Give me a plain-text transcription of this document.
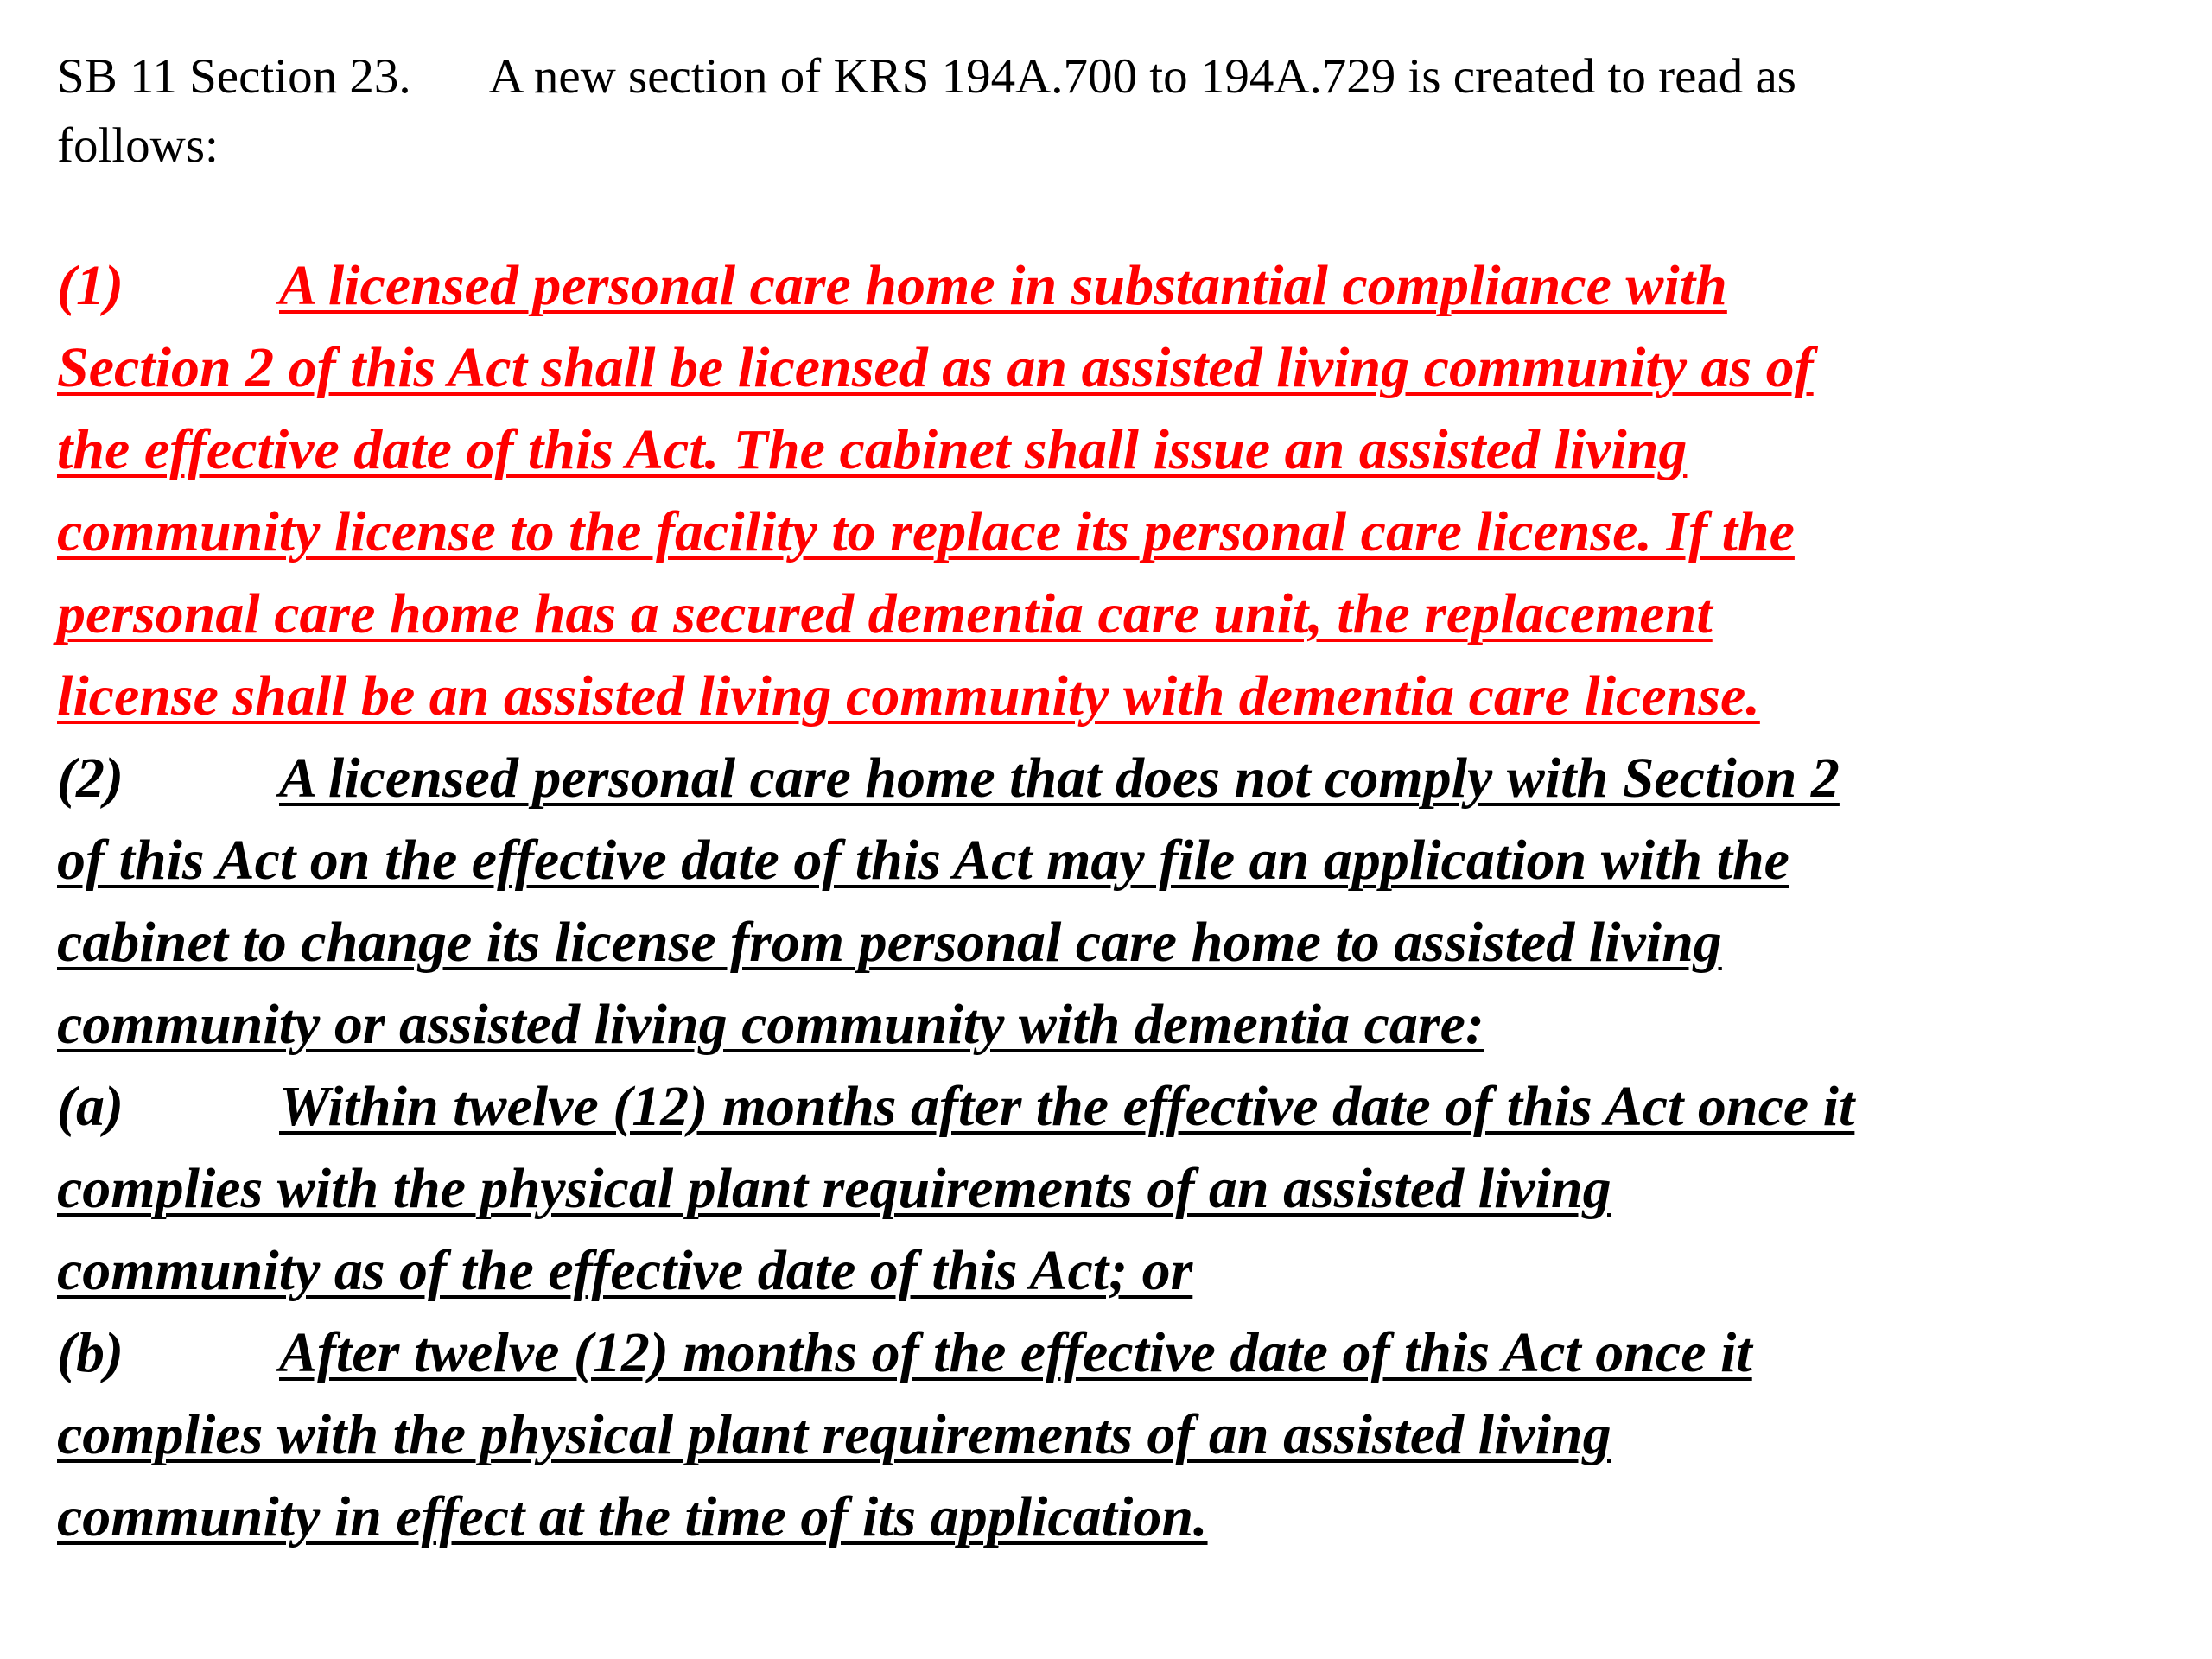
SB 11 Section 23. A new section of KRS 194A.700 to 194A.729 is created to read as
follows:
(1)	A licensed personal care home in substantial compliance with
Section 2 of this Act shall be licensed as an assisted living community as of
the effective date of this Act. The cabinet shall issue an assisted living
community license to the facility to replace its personal care license. If the
personal care home has a secured dementia care unit, the replacement
license shall be an assisted living community with dementia care license.
(2)	A licensed personal care home that does not comply with Section 2
of this Act on the effective date of this Act may file an application with the
cabinet to change its license from personal care home to assisted living
community or assisted living community with dementia care:
(a)	Within twelve (12) months after the effective date of this Act once it
complies with the physical plant requirements of an assisted living
community as of the effective date of this Act; or
(b)	After twelve (12) months of the effective date of this Act once it
complies with the physical plant requirements of an assisted living
community in effect at the time of its application.
